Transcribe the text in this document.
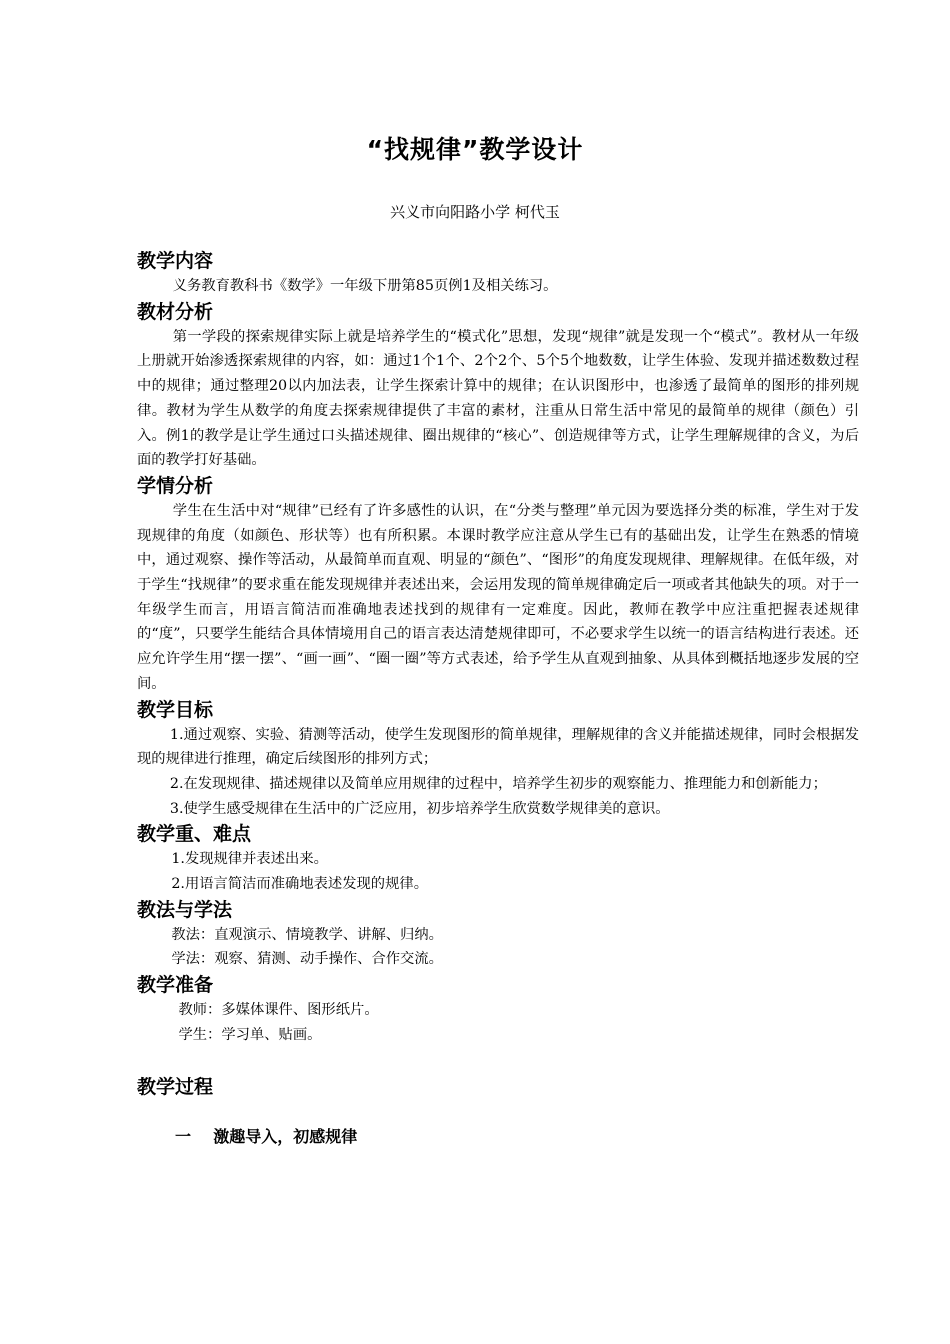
“找规律”教学设计
兴义市向阳路小学 柯代玉
教学内容

义务教育教科书《数学》一年级下册第85页例1及相关练习。

教材分析

第一学段的探索规律实际上就是培养学生的“模式化”思想，发现“规律”就是发现一个“模式”。教材从一年级上册就开始渗透探索规律的内容，如：通过1个1个、2个2个、5个5个地数数，让学生体验、发现并描述数数过程中的规律；通过整理20以内加法表，让学生探索计算中的规律；在认识图形中，也渗透了最简单的图形的排列规律。教材为学生从数学的角度去探索规律提供了丰富的素材，注重从日常生活中常见的最简单的规律（颜色）引入。例1的教学是让学生通过口头描述规律、圈出规律的“核心”、创造规律等方式，让学生理解规律的含义，为后面的教学打好基础。

学情分析

学生在生活中对“规律”已经有了许多感性的认识，在“分类与整理”单元因为要选择分类的标准，学生对于发现规律的角度（如颜色、形状等）也有所积累。本课时教学应注意从学生已有的基础出发，让学生在熟悉的情境中，通过观察、操作等活动，从最简单而直观、明显的“颜色”、“图形”的角度发现规律、理解规律。在低年级，对于学生“找规律”的要求重在能发现规律并表述出来，会运用发现的简单规律确定后一项或者其他缺失的项。对于一年级学生而言，用语言简洁而准确地表述找到的规律有一定难度。因此，教师在教学中应注重把握表述规律的“度”，只要学生能结合具体情境用自己的语言表达清楚规律即可，不必要求学生以统一的语言结构进行表述。还应允许学生用“摆一摆”、“画一画”、“圈一圈”等方式表述，给予学生从直观到抽象、从具体到概括地逐步发展的空间。

教学目标

1.通过观察、实验、猜测等活动，使学生发现图形的简单规律，理解规律的含义并能描述规律，同时会根据发现的规律进行推理，确定后续图形的排列方式；

2.在发现规律、描述规律以及简单应用规律的过程中，培养学生初步的观察能力、推理能力和创新能力；

3.使学生感受规律在生活中的广泛应用，初步培养学生欣赏数学规律美的意识。

教学重、难点

1.发现规律并表述出来。

2.用语言简洁而准确地表述发现的规律。

教法与学法

教法：直观演示、情境教学、讲解、归纳。

学法：观察、猜测、动手操作、合作交流。

教学准备

教师：多媒体课件、图形纸片。

学生：学习单、贴画。

教学过程
一    激趣导入，初感规律
